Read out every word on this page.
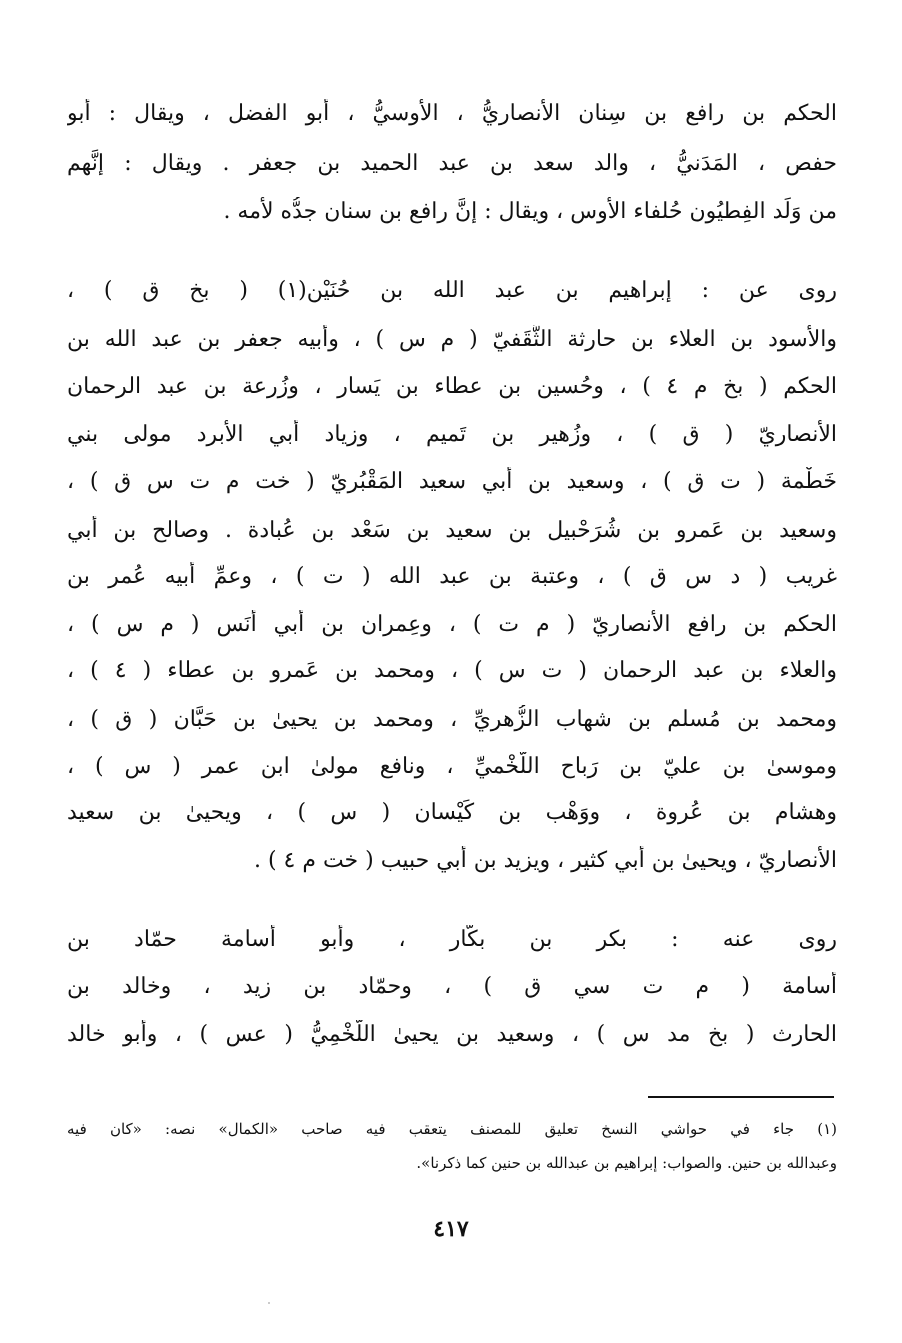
الحكم بن رافع بن سِنان الأنصاريُّ ، الأوسيُّ ، أبو الفضل ، ويقال : أبو
حفص ، المَدَنيُّ ، والد سعد بن عبد الحميد بن جعفر . ويقال : إنَّهم
من وَلَد الفِطيُون حُلفاء الأوس ، ويقال : إنَّ رافع بن سنان جدُّه لأمه .
روى عن : إبراهيم بن عبد الله بن حُنَيْن(١) ( بخ ق ) ،
والأسود بن العلاء بن حارثة الثَّقَفيّ ( م س ) ، وأبيه جعفر بن عبد الله بن
الحكم ( بخ م ٤ ) ، وحُسين بن عطاء بن يَسار ، وزُرعة بن عبد الرحمان
الأنصاريّ ( ق ) ، وزُهير بن تَميم ، وزياد أبي الأبرد مولى بني
خَطْمة ( ت ق ) ، وسعيد بن أبي سعيد المَقْبُريّ ( خت م ت س ق ) ،
وسعيد بن عَمرو بن شُرَحْبيل بن سعيد بن سَعْد بن عُبادة . وصالح بن أبي
غريب ( د س ق ) ، وعتبة بن عبد الله ( ت ) ، وعمِّ أبيه عُمر بن
الحكم بن رافع الأنصاريّ ( م ت ) ، وعِمران بن أبي أَنَس ( م س ) ،
والعلاء بن عبد الرحمان ( ت س ) ، ومحمد بن عَمرو بن عطاء ( ٤ ) ،
ومحمد بن مُسلم بن شهاب الزُّهريِّ ، ومحمد بن يحيىٰ بن حَبَّان ( ق ) ،
وموسىٰ بن عليّ بن رَباح اللَّخْميِّ ، ونافع مولىٰ ابن عمر ( س ) ،
وهشام بن عُروة ، ووَهْب بن كَيْسان ( س ) ، ويحيىٰ بن سعيد
الأنصاريّ ، ويحيىٰ بن أبي كثير ، ويزيد بن أبي حبيب ( خت م ٤ ) .
روى عنه : بكر بن بكّار ، وأبو أسامة حمّاد بن
أسامة ( م ت سي ق ) ، وحمّاد بن زيد ، وخالد بن
الحارث ( بخ مد س ) ، وسعيد بن يحيىٰ اللَّخْمِيُّ ( عس ) ، وأبو خالد
(١) جاء في حواشي النسخ تعليق للمصنف يتعقب فيه صاحب «الكمال» نصه: «كان فيه
وعبدالله بن حنين. والصواب: إبراهيم بن عبدالله بن حنين كما ذكرنا».
٤١٧
